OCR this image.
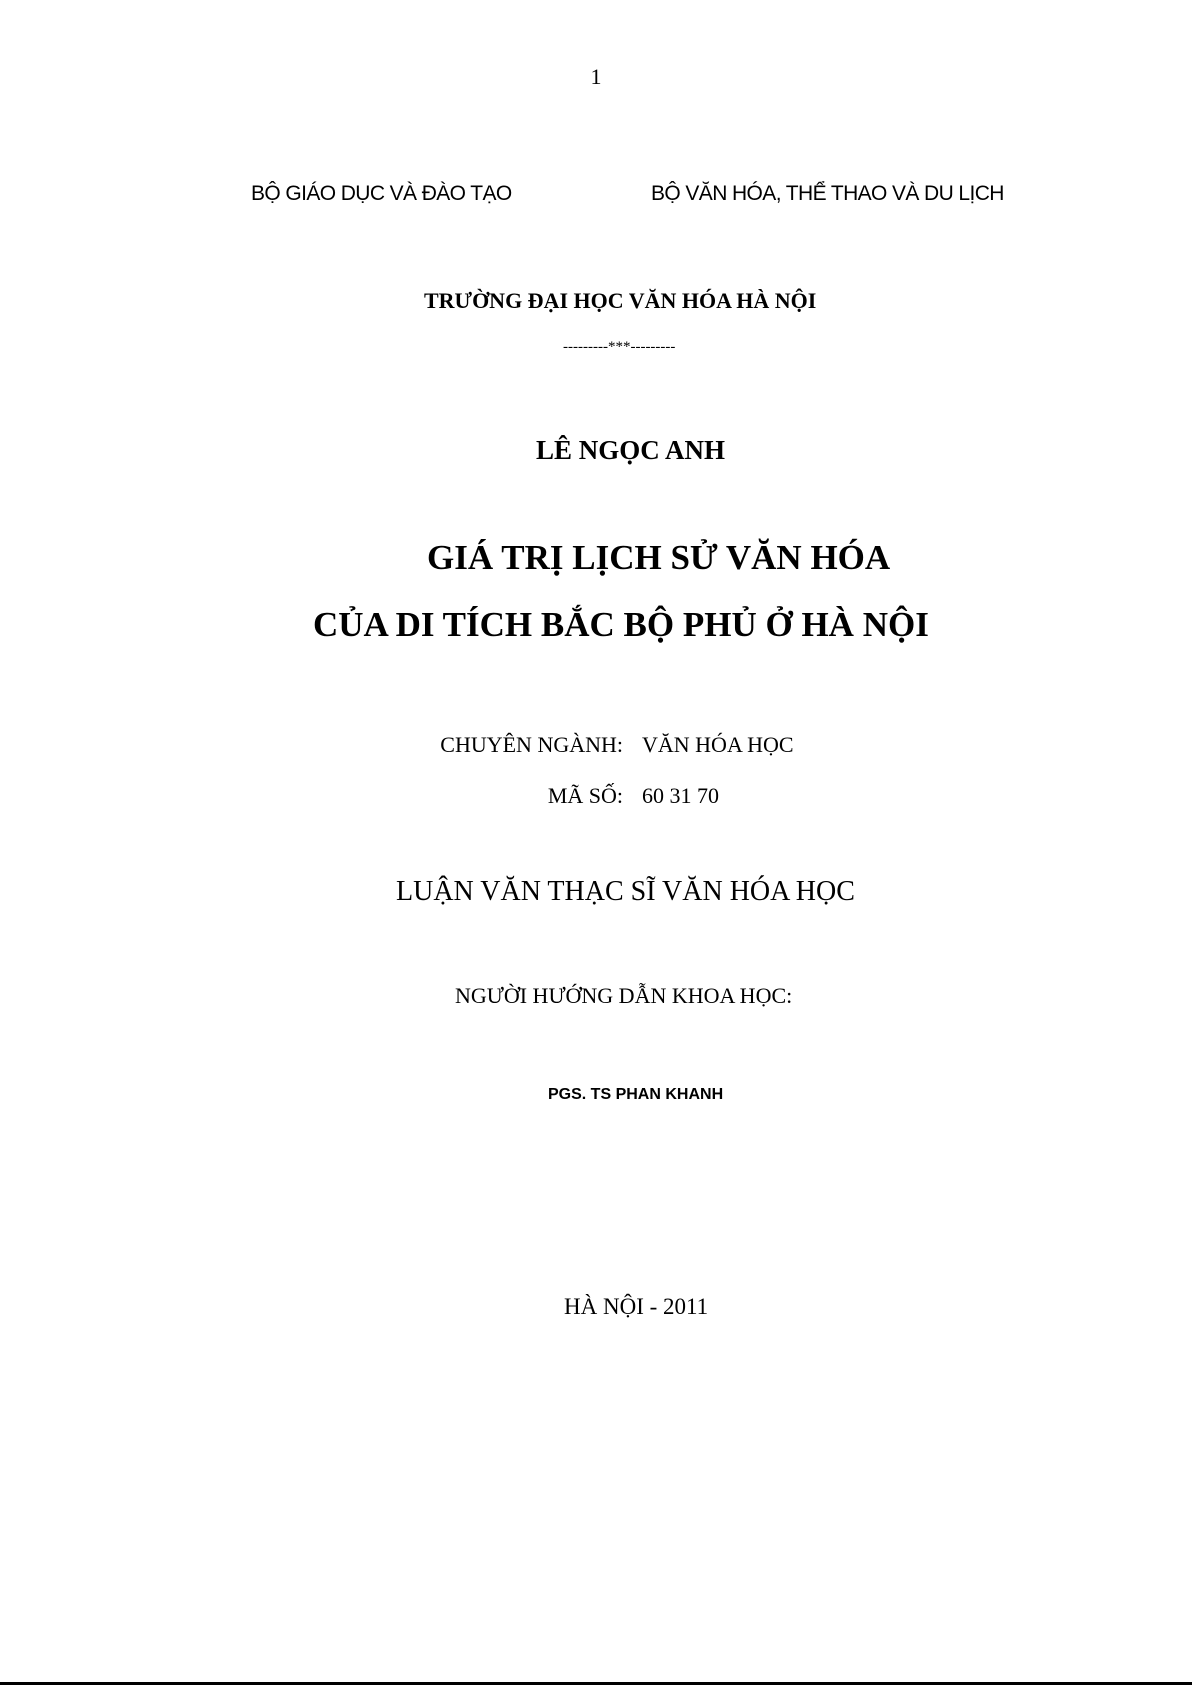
1
BỘ GIÁO DỤC VÀ ĐÀO TẠO	BỘ VĂN HÓA, THỂ THAO VÀ DU LỊCH
TRƯỜNG ĐẠI HỌC VĂN HÓA HÀ NỘI
---------***---------
LÊ NGỌC ANH
GIÁ TRỊ LỊCH SỬ VĂN HÓA
CỦA DI TÍCH BẮC BỘ PHỦ Ở HÀ NỘI
CHUYÊN NGÀNH: VĂN HÓA HỌC
MÃ SỐ: 60 31 70
LUẬN VĂN THẠC SĨ VĂN HÓA HỌC
NGƯỜI HƯỚNG DẪN KHOA HỌC:
PGS. TS PHAN KHANH
HÀ NỘI - 2011
